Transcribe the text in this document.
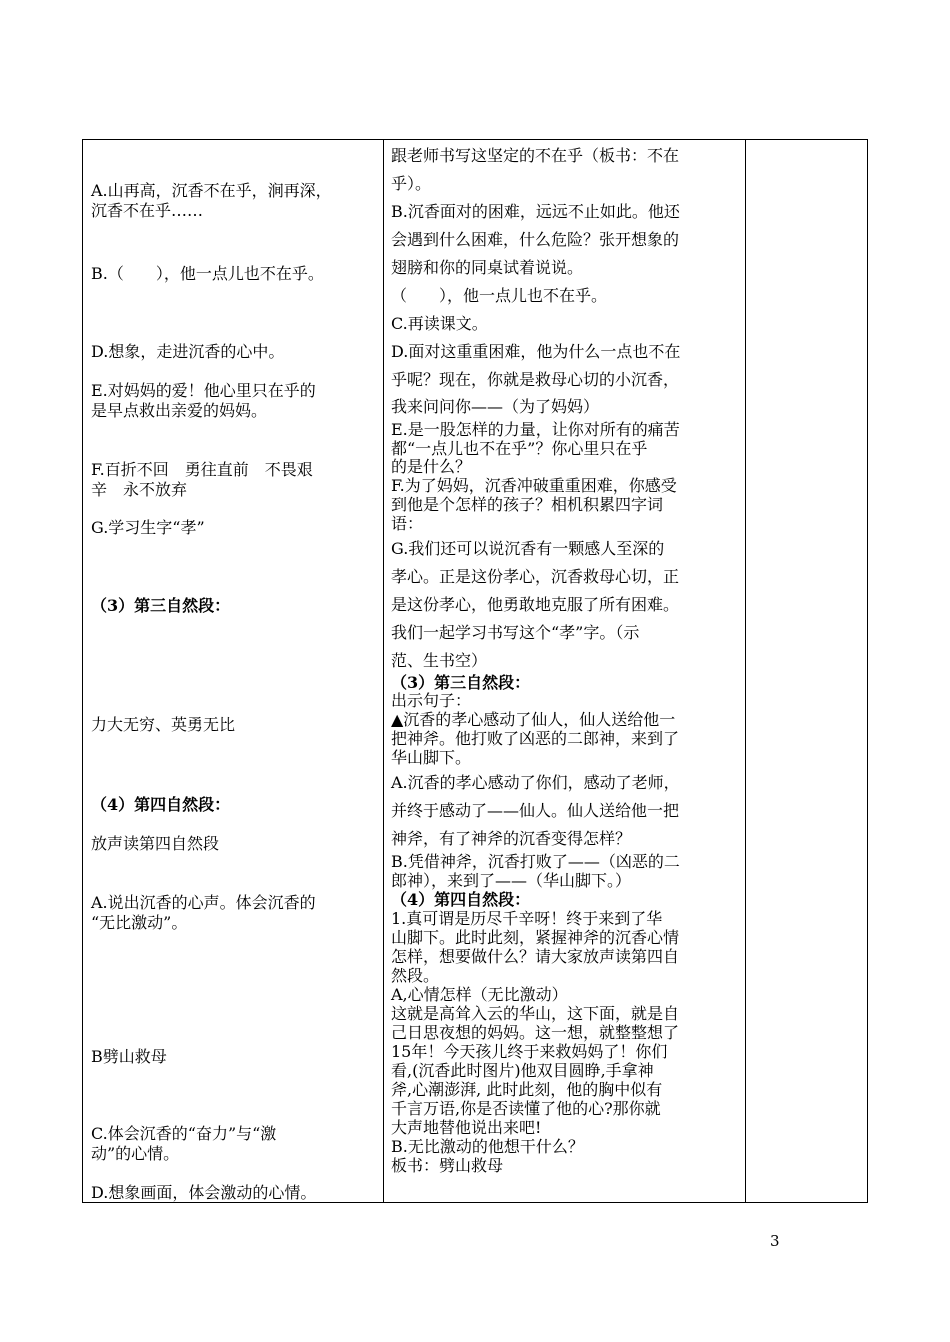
A.山再高，沉香不在乎，涧再深，
沉香不在乎……
B.（　　），他一点儿也不在乎。
D.想象，走进沉香的心中。
E.对妈妈的爱！他心里只在乎的
是早点救出亲爱的妈妈。
F.百折不回　勇往直前　不畏艰
辛　永不放弃
G.学习生字“孝”
（3）第三自然段：
力大无穷、英勇无比
（4）第四自然段：
放声读第四自然段
A.说出沉香的心声。体会沉香的
“无比激动”。
B劈山救母
C.体会沉香的“奋力”与“激
动”的心情。
D.想象画面，体会激动的心情。
跟老师书写这坚定的不在乎（板书：不在
乎）。
B.沉香面对的困难，远远不止如此。他还
会遇到什么困难，什么危险？张开想象的
翅膀和你的同桌试着说说。
（　　），他一点儿也不在乎。
C.再读课文。
D.面对这重重困难，他为什么一点也不在
乎呢？现在，你就是救母心切的小沉香，
我来问问你——（为了妈妈）
E.是一股怎样的力量，让你对所有的痛苦
都“一点儿也不在乎”？你心里只在乎
的是什么？
F.为了妈妈，沉香冲破重重困难，你感受
到他是个怎样的孩子？相机积累四字词
语：
G.我们还可以说沉香有一颗感人至深的
孝心。正是这份孝心，沉香救母心切，正
是这份孝心，他勇敢地克服了所有困难。
我们一起学习书写这个“孝”字。（示
范、生书空）
（3）第三自然段：
出示句子：
▲沉香的孝心感动了仙人，仙人送给他一
把神斧。他打败了凶恶的二郎神，来到了
华山脚下。
A.沉香的孝心感动了你们，感动了老师，
并终于感动了——仙人。仙人送给他一把
神斧，有了神斧的沉香变得怎样？
B.凭借神斧，沉香打败了——（凶恶的二
郎神），来到了——（华山脚下。）
（4）第四自然段：
1.真可谓是历尽千辛呀！终于来到了华
山脚下。此时此刻，紧握神斧的沉香心情
怎样，想要做什么？请大家放声读第四自
然段。
A,心情怎样（无比激动）
这就是高耸入云的华山，这下面，就是自
己日思夜想的妈妈。这一想，就整整想了
15年！今天孩儿终于来救妈妈了！你们
看,(沉香此时图片)他双目圆睁,手拿神
斧,心潮澎湃, 此时此刻，他的胸中似有
千言万语,你是否读懂了他的心?那你就
大声地替他说出来吧!
B.无比激动的他想干什么？
板书：劈山救母
3
